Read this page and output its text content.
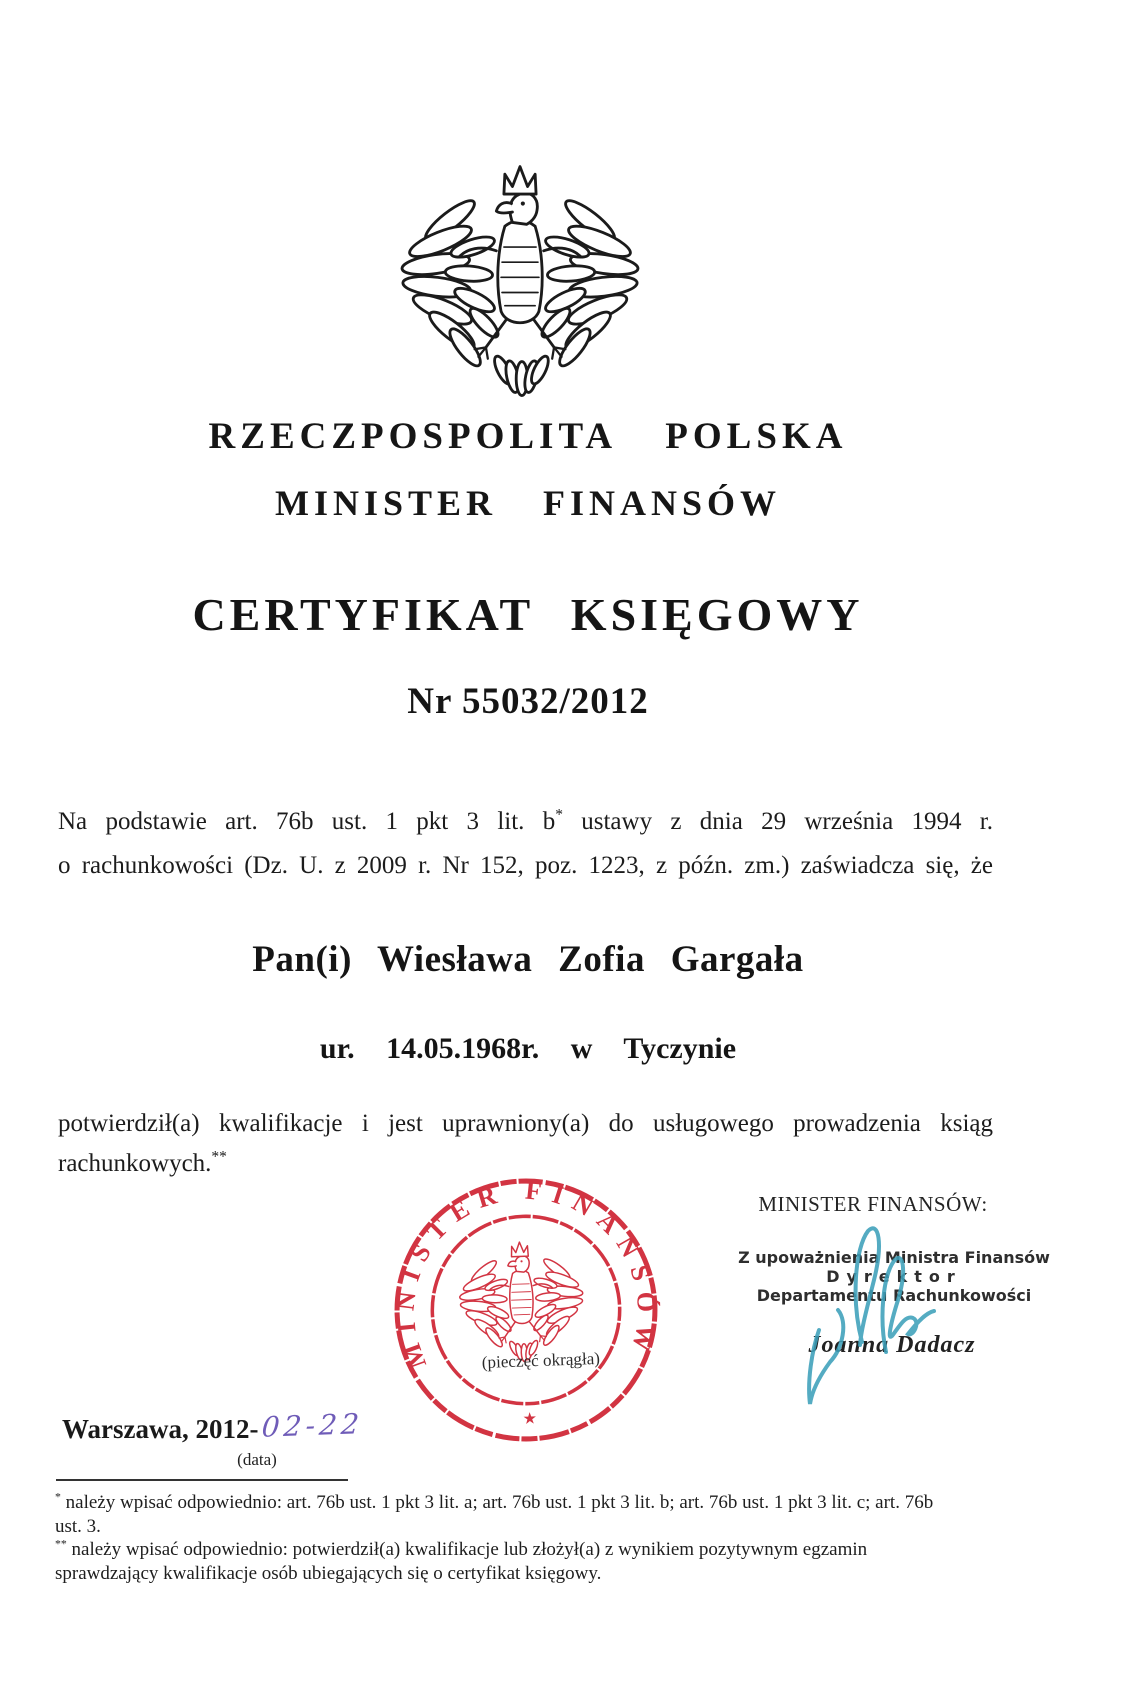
RZECZPOSPOLITA POLSKA
MINISTER FINANSÓW
CERTYFIKAT KSIĘGOWY
Nr 55032/2012
Na podstawie art. 76b ust. 1 pkt 3 lit. b* ustawy z dnia 29 września 1994 r.
o rachunkowości (Dz. U. z 2009 r. Nr 152, poz. 1223, z późn. zm.) zaświadcza się, że
Pan(i) Wiesława Zofia Gargała
ur. 14.05.1968r. w Tyczynie
potwierdził(a) kwalifikacje i jest uprawniony(a) do usługowego prowadzenia ksiąg
rachunkowych.**
MINISTER FINANSÓW
★
(pieczęć okrągła)
MINISTER FINANSÓW:
Z upoważnienia Ministra Finansów
Dyrektor
Departamentu Rachunkowości
Joanna Dadacz
Warszawa, 2012-02-22
(data)
* należy wpisać odpowiednio: art. 76b ust. 1 pkt 3 lit. a; art. 76b ust. 1 pkt 3 lit. b; art. 76b ust. 1 pkt 3 lit. c; art. 76b
ust. 3.
** należy wpisać odpowiednio: potwierdził(a) kwalifikacje lub złożył(a) z wynikiem pozytywnym egzamin
sprawdzający kwalifikacje osób ubiegających się o certyfikat księgowy.
